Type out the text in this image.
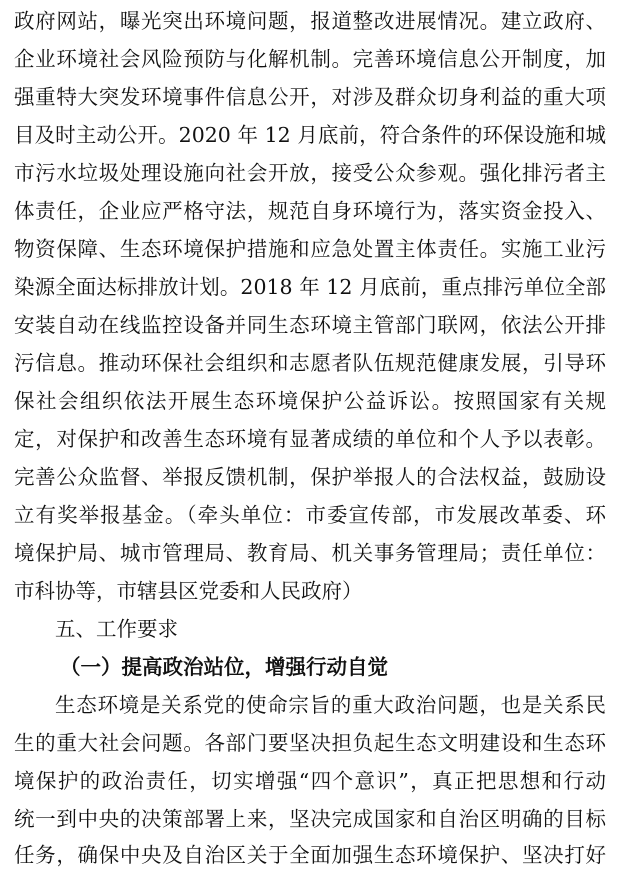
政府网站，曝光突出环境问题，报道整改进展情况。建立政府、
企业环境社会风险预防与化解机制。完善环境信息公开制度，加
强重特大突发环境事件信息公开，对涉及群众切身利益的重大项
目及时主动公开。2020 年 12 月底前，符合条件的环保设施和城
市污水垃圾处理设施向社会开放，接受公众参观。强化排污者主
体责任，企业应严格守法，规范自身环境行为，落实资金投入、
物资保障、生态环境保护措施和应急处置主体责任。实施工业污
染源全面达标排放计划。2018 年 12 月底前，重点排污单位全部
安装自动在线监控设备并同生态环境主管部门联网，依法公开排
污信息。推动环保社会组织和志愿者队伍规范健康发展，引导环
保社会组织依法开展生态环境保护公益诉讼。按照国家有关规
定，对保护和改善生态环境有显著成绩的单位和个人予以表彰。
完善公众监督、举报反馈机制，保护举报人的合法权益，鼓励设
立有奖举报基金。（牵头单位：市委宣传部，市发展改革委、环
境保护局、城市管理局、教育局、机关事务管理局；责任单位：
市科协等，市辖县区党委和人民政府）
五、工作要求
（一）提高政治站位，增强行动自觉
生态环境是关系党的使命宗旨的重大政治问题，也是关系民
生的重大社会问题。各部门要坚决担负起生态文明建设和生态环
境保护的政治责任，切实增强“四个意识”，真正把思想和行动
统一到中央的决策部署上来，坚决完成国家和自治区明确的目标
任务，确保中央及自治区关于全面加强生态环境保护、坚决打好
